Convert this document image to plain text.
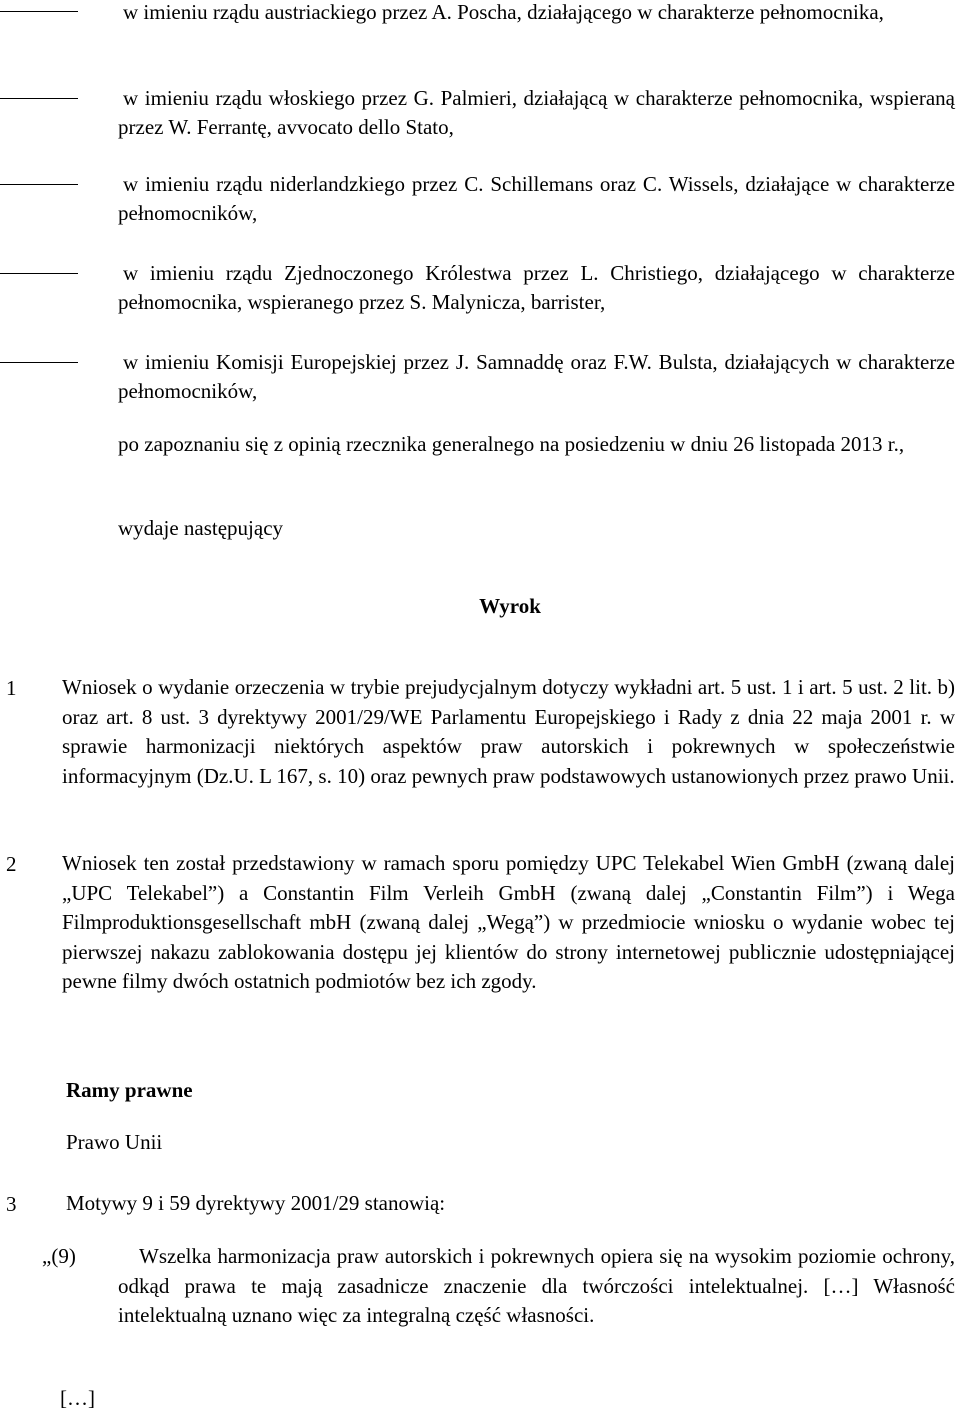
w imieniu rządu austriackiego przez A. Poscha, działającego w charakterze pełnomocnika,
w imieniu rządu włoskiego przez G. Palmieri, działającą w charakterze pełnomocnika, wspieraną przez W. Ferrantę, avvocato dello Stato,
w imieniu rządu niderlandzkiego przez C. Schillemans oraz C. Wissels, działające w charakterze pełnomocników,
w imieniu rządu Zjednoczonego Królestwa przez L. Christiego, działającego w charakterze pełnomocnika, wspieranego przez S. Malynicza, barrister,
w imieniu Komisji Europejskiej przez J. Samnaddę oraz F.W. Bulsta, działających w charakterze pełnomocników,
po zapoznaniu się z opinią rzecznika generalnego na posiedzeniu w dniu 26 listopada 2013 r.,
wydaje następujący
Wyrok
1 Wniosek o wydanie orzeczenia w trybie prejudycjalnym dotyczy wykładni art. 5 ust. 1 i art. 5 ust. 2 lit. b) oraz art. 8 ust. 3 dyrektywy 2001/29/WE Parlamentu Europejskiego i Rady z dnia 22 maja 2001 r. w sprawie harmonizacji niektórych aspektów praw autorskich i pokrewnych w społeczeństwie informacyjnym (Dz.U. L 167, s. 10) oraz pewnych praw podstawowych ustanowionych przez prawo Unii.
2 Wniosek ten został przedstawiony w ramach sporu pomiędzy UPC Telekabel Wien GmbH (zwaną dalej „UPC Telekabel”) a Constantin Film Verleih GmbH (zwaną dalej „Constantin Film”) i Wega Filmproduktionsgesellschaft mbH (zwaną dalej „Wegą”) w przedmiocie wniosku o wydanie wobec tej pierwszej nakazu zablokowania dostępu jej klientów do strony internetowej publicznie udostępniającej pewne filmy dwóch ostatnich podmiotów bez ich zgody.
Ramy prawne
Prawo Unii
3 Motywy 9 i 59 dyrektywy 2001/29 stanowią:
„(9)	Wszelka harmonizacja praw autorskich i pokrewnych opiera się na wysokim poziomie ochrony, odkąd prawa te mają zasadnicze znaczenie dla twórczości intelektualnej. […] Własność intelektualną uznano więc za integralną część własności.
[…]
